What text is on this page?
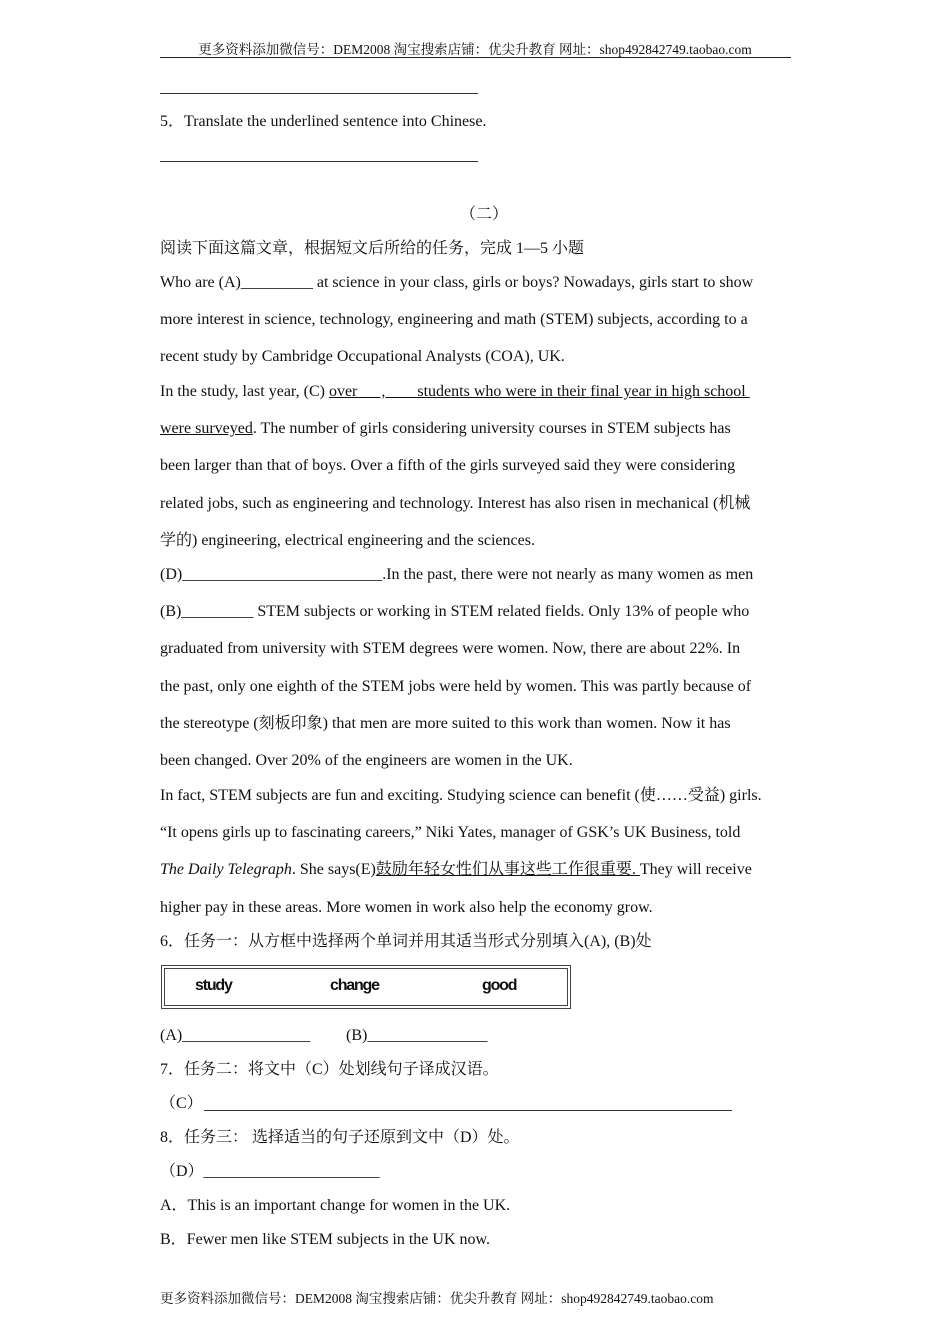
更多资料添加微信号：DEM2008 淘宝搜索店铺：优尖升教育 网址：shop492842749.taobao.com
5．Translate the underlined sentence into Chinese.
（二）
阅读下面这篇文章，根据短文后所给的任务，完成 1—5 小题
Who are (A)_________ at science in your class, girls or boys? Nowadays, girls start to show
more interest in science, technology, engineering and math (STEM) subjects, according to a
recent study by Cambridge Occupational Analysts (COA), UK.
In the study, last year, (C) over      ,        students who were in their final year in high school
were surveyed. The number of girls considering university courses in STEM subjects has
been larger than that of boys. Over a fifth of the girls surveyed said they were considering
related jobs, such as engineering and technology. Interest has also risen in mechanical (机械
学的) engineering, electrical engineering and the sciences.
(D)_________________________.In the past, there were not nearly as many women as men
(B)_________ STEM subjects or working in STEM related fields. Only 13% of people who
graduated from university with STEM degrees were women. Now, there are about 22%. In
the past, only one eighth of the STEM jobs were held by women. This was partly because of
the stereotype (刻板印象) that men are more suited to this work than women. Now it has
been changed. Over 20% of the engineers are women in the UK.
In fact, STEM subjects are fun and exciting. Studying science can benefit (使……受益) girls.
“It opens girls up to fascinating careers,” Niki Yates, manager of GSK’s UK Business, told
The Daily Telegraph. She says(E)鼓励年轻女性们从事这些工作很重要. They will receive
higher pay in these areas. More women in work also help the economy grow.
6．任务一：从方框中选择两个单词并用其适当形式分别填入(A), (B)处
study	change	good
(A)________________ (B)_______________
7．任务二：将文中（C）处划线句子译成汉语。
（C）
8．任务三： 选择适当的句子还原到文中（D）处。
（D）______________________
A．This is an important change for women in the UK.
B．Fewer men like STEM subjects in the UK now.
更多资料添加微信号：DEM2008 淘宝搜索店铺：优尖升教育 网址：shop492842749.taobao.com
